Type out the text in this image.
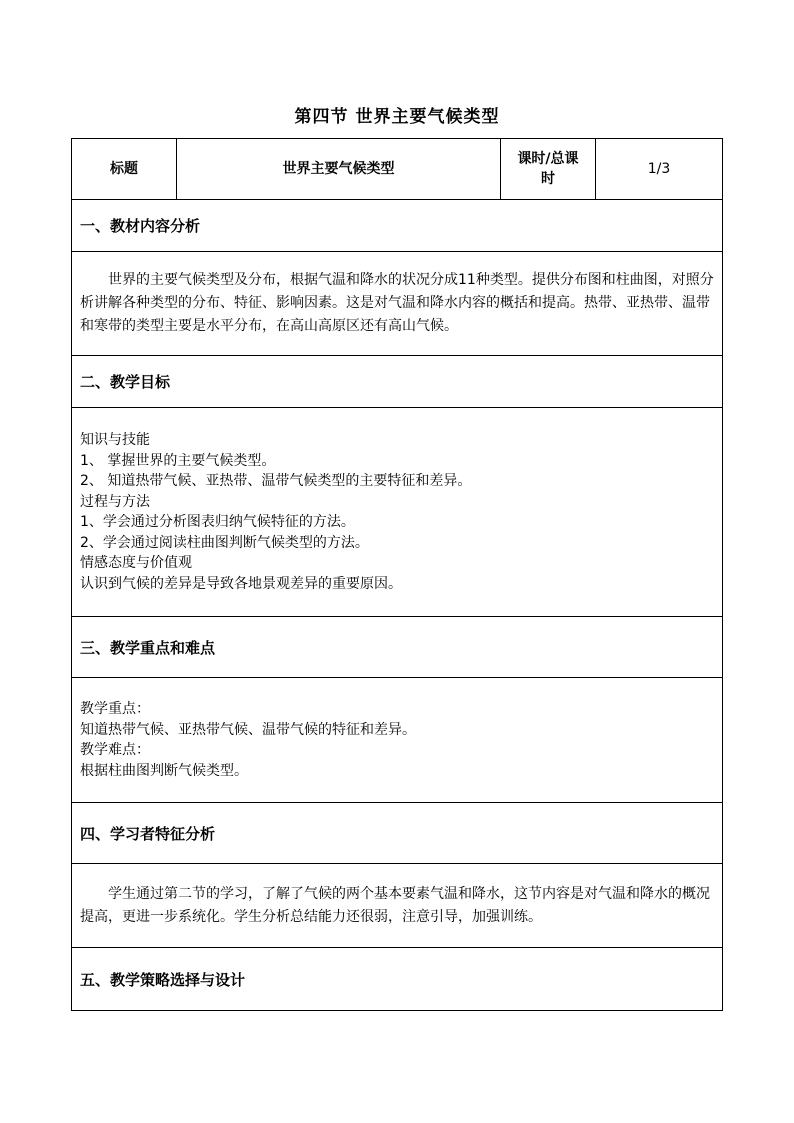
第四节 世界主要气候类型
标题	世界主要气候类型	课时/总课时	1/3
一、教材内容分析
世界的主要气候类型及分布，根据气温和降水的状况分成11种类型。提供分布图和柱曲图，对照分析讲解各种类型的分布、特征、影响因素。这是对气温和降水内容的概括和提高。热带、亚热带、温带和寒带的类型主要是水平分布，在高山高原区还有高山气候。
二、教学目标

知识与技能
1、 掌握世界的主要气候类型。
2、 知道热带气候、亚热带、温带气候类型的主要特征和差异。
过程与方法
1、学会通过分析图表归纳气候特征的方法。
2、学会通过阅读柱曲图判断气候类型的方法。
情感态度与价值观
认识到气候的差异是导致各地景观差异的重要原因。

三、教学重点和难点

教学重点：
知道热带气候、亚热带气候、温带气候的特征和差异。
教学难点：
根据柱曲图判断气候类型。

四、学习者特征分析
学生通过第二节的学习，了解了气候的两个基本要素气温和降水，这节内容是对气温和降水的概况提高，更进一步系统化。学生分析总结能力还很弱，注意引导，加强训练。
五、教学策略选择与设计
